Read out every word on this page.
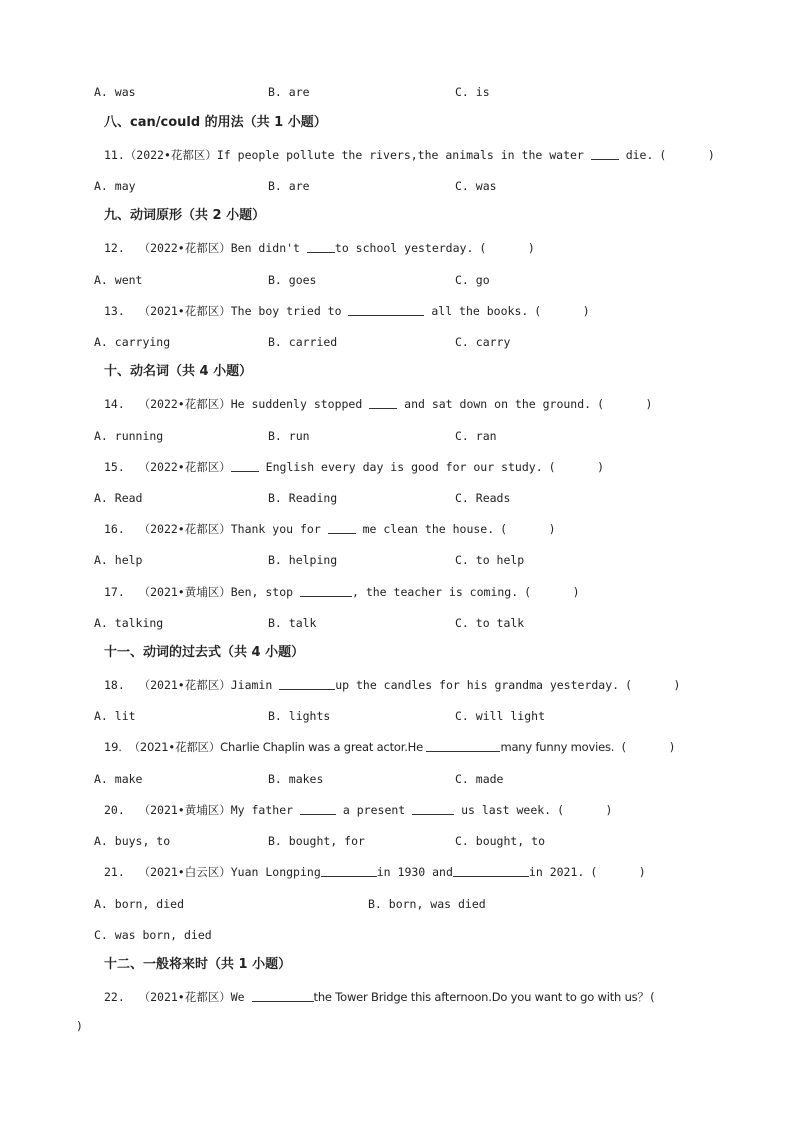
A. was

	B. are

	C. is

八、can/could 的用法（共 1 小题）

11.（2022•花都区）If people pollute the rivers,the animals in the water  die. (      )

A. may

	B. are

	C. was

九、动词原形（共 2 小题）

12.  （2022•花都区）Ben didn't to school yesterday. (      )

A. went

	B. goes

	C. go

13.  （2021•花都区）The boy tried to	all the books. (      )

A. carrying

	B. carried

	C. carry

十、动名词（共 4 小题）

14.  （2022•花都区）He suddenly stopped  and sat down on the ground. (      )

A. running

	B. run

	C. ran

15.  （2022•花都区） English every day is good for our study. (      )

A. Read

	B. Reading

	C. Reads

16.  （2022•花都区）Thank you for  me clean the house. (      )

A. help

	B. helping

	C. to help

17.  （2021•黄埔区）Ben, stop	, the teacher is coming. (      )

A. talking

	B. talk

	C. to talk

十一、动词的过去式（共 4 小题）

18.  （2021•花都区）Jiamin	up the candles for his grandma yesterday. (      )

A. lit

	B. lights

	C. will light

19.  （2021•花都区）Charlie Chaplin was a great actor.He	many funny movies. (      )

A. make

	B. makes

	C. made

20.  （2021•黄埔区）My father	a present	us last week. (      )

A. buys, to

	B. bought, for

	C. bought, to

21.  （2021•白云区）Yuan Longping	in 1930 and	in 2021. (      )

A. born, died

	B. born, was died

C. was born, died

十二、一般将来时（共 1 小题）

22.  （2021•花都区）We	the Tower Bridge this afternoon.Do you want to go with us？(

)
